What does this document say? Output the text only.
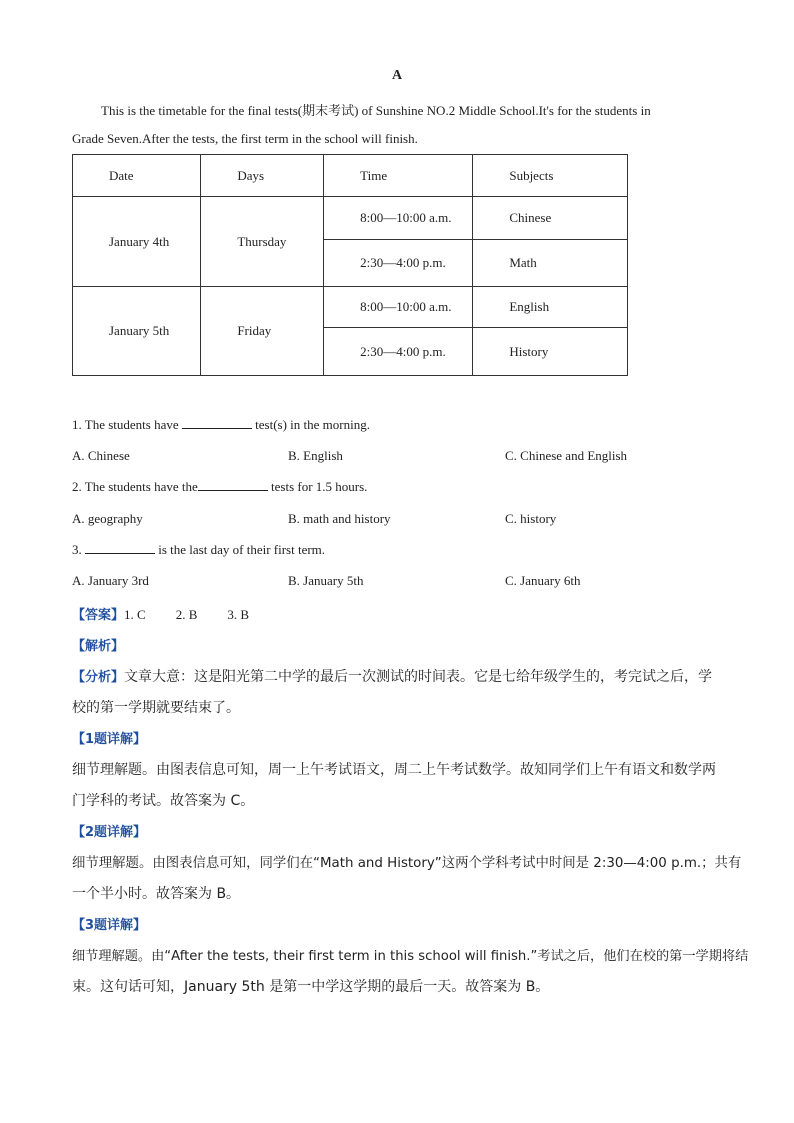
A
This is the timetable for the final tests(期末考试) of Sunshine NO.2 Middle School.It's for the students in
Grade Seven.After the tests, the first term in the school will finish.
Date	Days	Time	Subjects
January 4th	Thursday	8:00—10:00 a.m.	Chinese
		2:30—4:00 p.m.	Math
January 5th	Friday	8:00—10:00 a.m.	English
		2:30—4:00 p.m.	History
1. The students have	test(s) in the morning.
A. Chinese	B. English	C. Chinese and English
2. The students have the	tests for 1.5 hours.
A. geography	B. math and history	C. history
3.	is the last day of their first term.
A. January 3rd	B. January 5th	C. January 6th
【答案】1. C 2. B 3. B
【解析】
【分析】文章大意：这是阳光第二中学的最后一次测试的时间表。它是七给年级学生的，考完试之后，学
校的第一学期就要结束了。
【1题详解】
细节理解题。由图表信息可知，周一上午考试语文，周二上午考试数学。故知同学们上午有语文和数学两
门学科的考试。故答案为 C。
【2题详解】
细节理解题。由图表信息可知，同学们在“Math and History”这两个学科考试中时间是 2:30—4:00 p.m.；共有
一个半小时。故答案为 B。
【3题详解】
细节理解题。由“After the tests, their first term in this school will finish.”考试之后，他们在校的第一学期将结
束。这句话可知，January 5th 是第一中学这学期的最后一天。故答案为 B。
